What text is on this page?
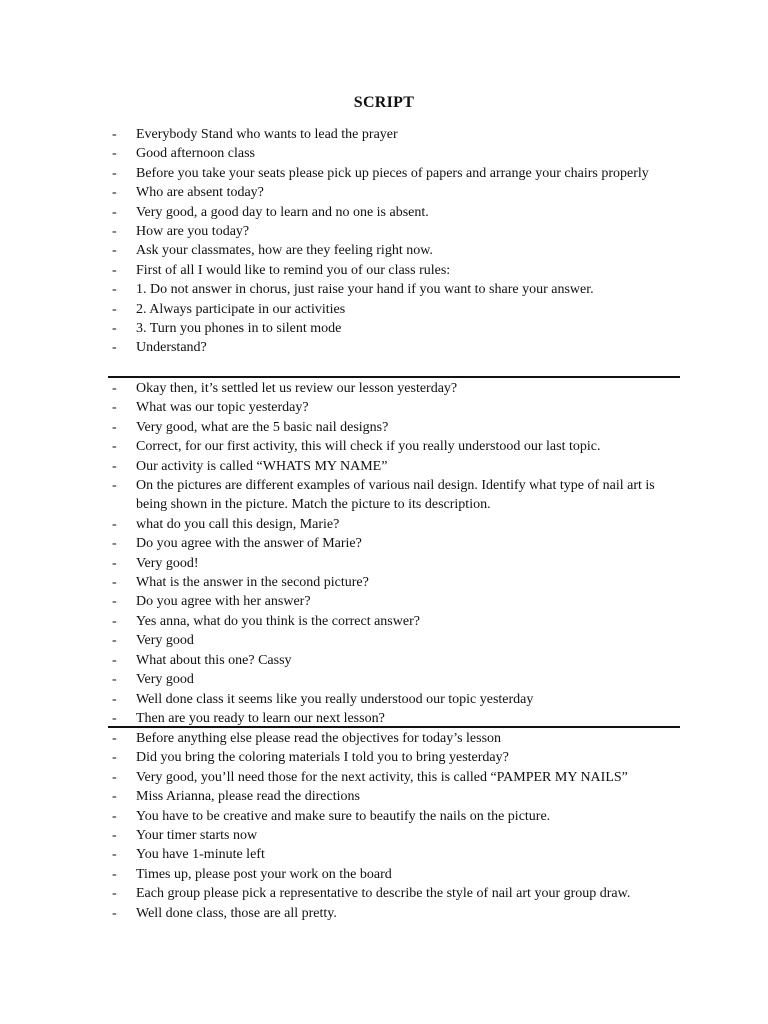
SCRIPT
- Everybody Stand who wants to lead the prayer
- Good afternoon class
- Before you take your seats please pick up pieces of papers and arrange your chairs properly
- Who are absent today?
- Very good, a good day to learn and no one is absent.
- How are you today?
- Ask your classmates, how are they feeling right now.
- First of all I would like to remind you of our class rules:
- 1. Do not answer in chorus, just raise your hand if you want to share your answer.
- 2. Always participate in our activities
- 3. Turn you phones in to silent mode
- Understand?
- Okay then, it’s settled let us review our lesson yesterday?
- What was our topic yesterday?
- Very good, what are the 5 basic nail designs?
- Correct, for our first activity, this will check if you really understood our last topic.
- Our activity is called “WHATS MY NAME”
- On the pictures are different examples of various nail design. Identify what type of nail art is being shown in the picture. Match the picture to its description.
- what do you call this design, Marie?
- Do you agree with the answer of Marie?
- Very good!
- What is the answer in the second picture?
- Do you agree with her answer?
- Yes anna, what do you think is the correct answer?
- Very good
- What about this one? Cassy
- Very good
- Well done class it seems like you really understood our topic yesterday
- Then are you ready to learn our next lesson?
- Before anything else please read the objectives for today’s lesson
- Did you bring the coloring materials I told you to bring yesterday?
- Very good, you’ll need those for the next activity, this is called “PAMPER MY NAILS”
- Miss Arianna, please read the directions
- You have to be creative and make sure to beautify the nails on the picture.
- Your timer starts now
- You have 1-minute left
- Times up, please post your work on the board
- Each group please pick a representative to describe the style of nail art your group draw.
- Well done class, those are all pretty.
